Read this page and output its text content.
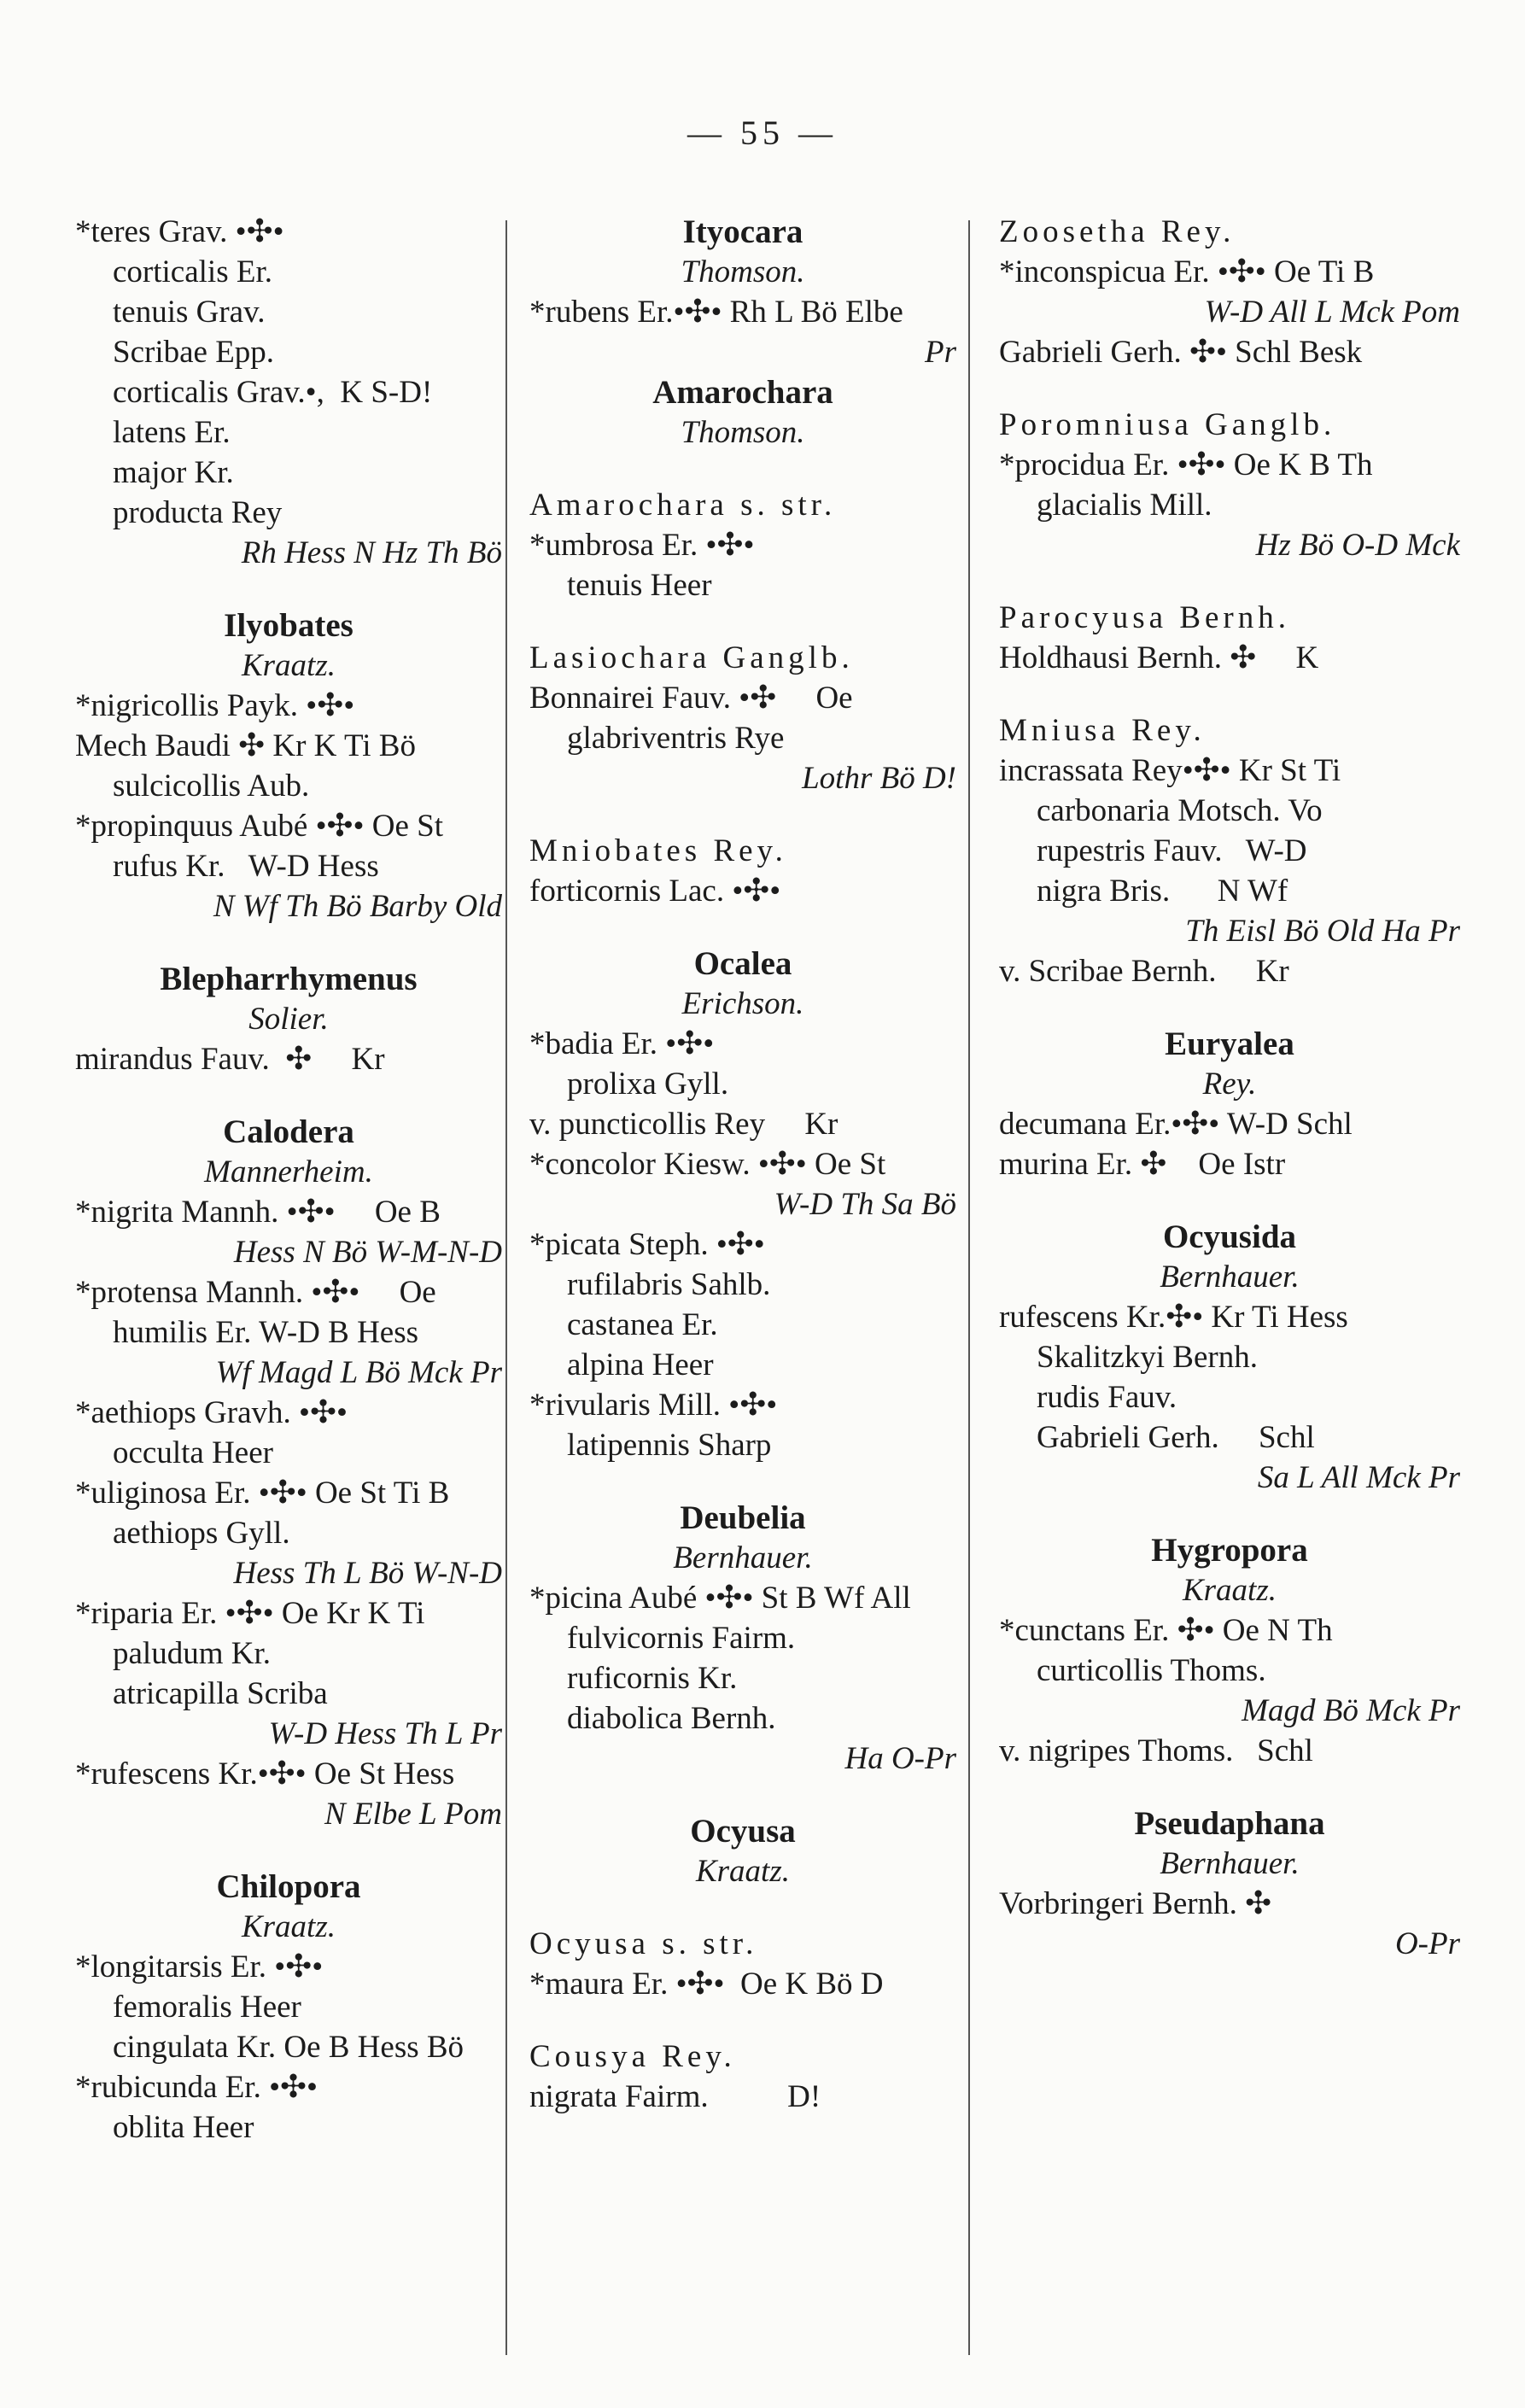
— 55 —
*teres Grav. •✣•
corticalis Er.
tenuis Grav.
Scribae Epp.
corticalis Grav.•,  K S-D!
latens Er.
major Kr.
producta Rey
Rh Hess N Hz Th Bö
Ilyobates
Kraatz.
*nigricollis Payk. •✣•
Mech Baudi ✣ Kr K Ti Bö
sulcicollis Aub.
*propinquus Aubé •✣• Oe St
rufus Kr.   W-D Hess
N Wf Th Bö Barby Old
Blepharrhymenus
Solier.
mirandus Fauv.  ✣     Kr
Calodera
Mannerheim.
*nigrita Mannh. •✣•     Oe B
Hess N Bö W-M-N-D
*protensa Mannh. •✣•     Oe
humilis Er. W-D B Hess
Wf Magd L Bö Mck Pr
*aethiops Gravh. •✣•
occulta Heer
*uliginosa Er. •✣• Oe St Ti B
aethiops Gyll.
Hess Th L Bö W-N-D
*riparia Er. •✣• Oe Kr K Ti
paludum Kr.
atricapilla Scriba
W-D Hess Th L Pr
*rufescens Kr.•✣• Oe St Hess
N Elbe L Pom
Chilopora
Kraatz.
*longitarsis Er. •✣•
femoralis Heer
cingulata Kr. Oe B Hess Bö
*rubicunda Er. •✣•
oblita Heer
Ityocara
Thomson.
*rubens Er.•✣• Rh L Bö Elbe
Pr
Amarochara
Thomson.
Amarochara s. str.
*umbrosa Er. •✣•
tenuis Heer
Lasiochara Ganglb.
Bonnairei Fauv. •✣     Oe
glabriventris Rye
Lothr Bö D!
Mniobates Rey.
forticornis Lac. •✣•
Ocalea
Erichson.
*badia Er. •✣•
prolixa Gyll.
v. puncticollis Rey     Kr
*concolor Kiesw. •✣• Oe St
W-D Th Sa Bö
*picata Steph. •✣•
rufilabris Sahlb.
castanea Er.
alpina Heer
*rivularis Mill. •✣•
latipennis Sharp
Deubelia
Bernhauer.
*picina Aubé •✣• St B Wf All
fulvicornis Fairm.
ruficornis Kr.
diabolica Bernh.
Ha O-Pr
Ocyusa
Kraatz.
Ocyusa s. str.
*maura Er. •✣•  Oe K Bö D
Cousya Rey.
nigrata Fairm.          D!
Zoosetha Rey.
*inconspicua Er. •✣• Oe Ti B
W-D All L Mck Pom
Gabrieli Gerh. ✣• Schl Besk
Poromniusa Ganglb.
*procidua Er. •✣• Oe K B Th
glacialis Mill.
Hz Bö O-D Mck
Parocyusa Bernh.
Holdhausi Bernh. ✣     K
Mniusa Rey.
incrassata Rey•✣• Kr St Ti
carbonaria Motsch. Vo
rupestris Fauv.   W-D
nigra Bris.      N Wf
Th Eisl Bö Old Ha Pr
v. Scribae Bernh.     Kr
Euryalea
Rey.
decumana Er.•✣• W-D Schl
murina Er. ✣    Oe Istr
Ocyusida
Bernhauer.
rufescens Kr.✣• Kr Ti Hess
Skalitzkyi Bernh.
rudis Fauv.
Gabrieli Gerh.     Schl
Sa L All Mck Pr
Hygropora
Kraatz.
*cunctans Er. ✣• Oe N Th
curticollis Thoms.
Magd Bö Mck Pr
v. nigripes Thoms.   Schl
Pseudaphana
Bernhauer.
Vorbringeri Bernh. ✣
O-Pr
